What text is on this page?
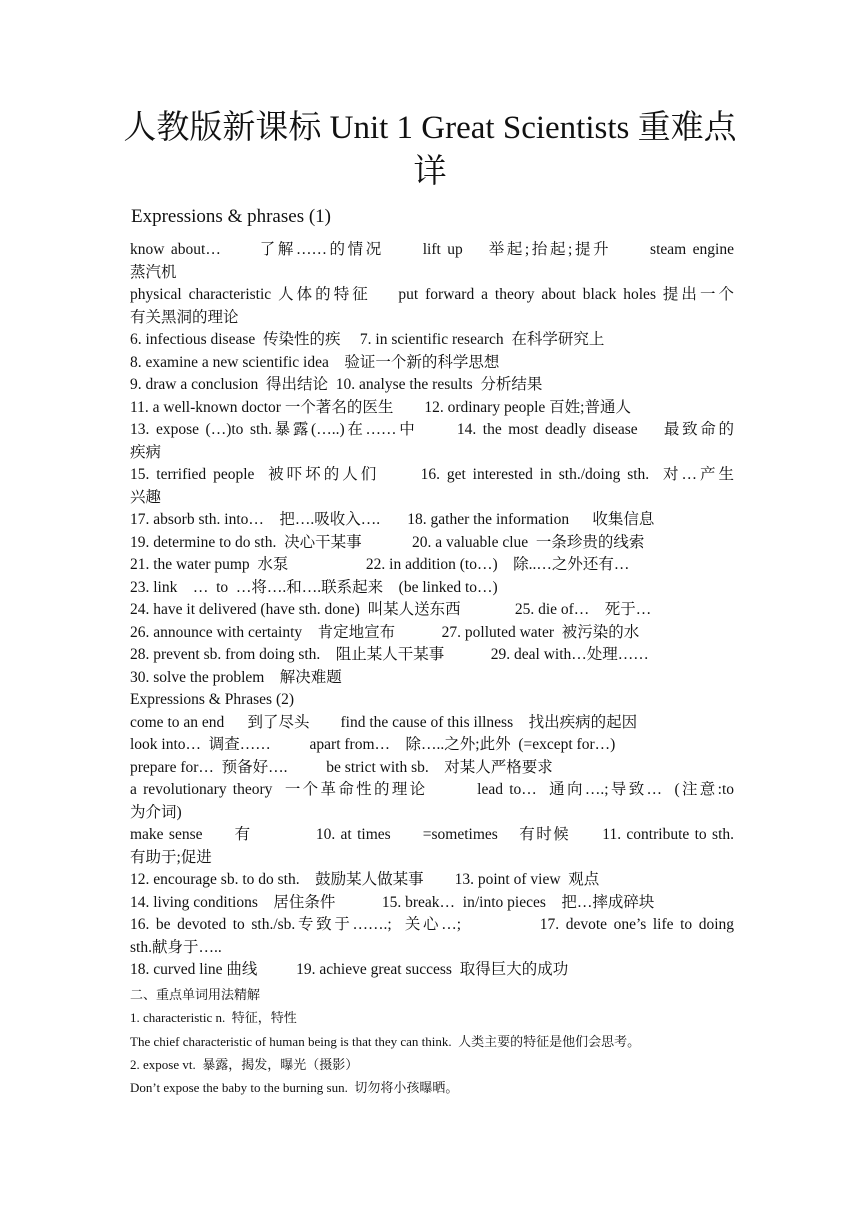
人教版新课标 Unit 1 Great Scientists 重难点
详
Expressions & phrases (1)
know about…      了解……的情况      lift up    举起;抬起;提升      steam engine
蒸汽机
physical characteristic 人体的特征    put forward a theory about black holes 提出一个
有关黑洞的理论
6. infectious disease  传染性的疾     7. in scientific research  在科学研究上
8. examine a new scientific idea    验证一个新的科学思想
9. draw a conclusion  得出结论  10. analyse the results  分析结果
11. a well-known doctor 一个著名的医生        12. ordinary people 百姓;普通人
13. expose (…)to sth.暴露(…..)在……中      14. the most deadly disease    最致命的
疾病
15. terrified people  被吓坏的人们      16. get interested in sth./doing sth.  对…产生
兴趣
17. absorb sth. into…    把….吸收入….       18. gather the information      收集信息
19. determine to do sth.  决心干某事             20. a valuable clue  一条珍贵的线索
21. the water pump  水泵                    22. in addition (to…)    除..…之外还有…
23. link    …  to  …将….和….联系起来    (be linked to…)
24. have it delivered (have sth. done)  叫某人送东西              25. die of…    死于…
26. announce with certainty    肯定地宣布            27. polluted water  被污染的水
28. prevent sb. from doing sth.    阻止某人干某事            29. deal with…处理……
30. solve the problem    解决难题
Expressions & Phrases (2)
come to an end      到了尽头        find the cause of this illness    找出疾病的起因
look into…  调查……          apart from…    除…..之外;此外  (=except for…)
prepare for…  预备好….          be strict with sb.    对某人严格要求
a revolutionary theory  一个革命性的理论        lead to…  通向….;导致…  (注意:to
为介词)
make sense      有            10. at times      =sometimes    有时候      11. contribute to sth.
有助于;促进
12. encourage sb. to do sth.    鼓励某人做某事        13. point of view  观点
14. living conditions    居住条件            15. break…  in/into pieces    把…摔成碎块
16. be devoted to sth./sb.专致于…….;  关心…;            17. devote one’s life to doing
sth.献身于…..
18. curved line 曲线          19. achieve great success  取得巨大的成功
二、重点单词用法精解
1. characteristic n.  特征，特性
The chief characteristic of human being is that they can think.  人类主要的特征是他们会思考。
2. expose vt.  暴露，揭发，曝光（摄影）
Don’t expose the baby to the burning sun.  切勿将小孩曝晒。
